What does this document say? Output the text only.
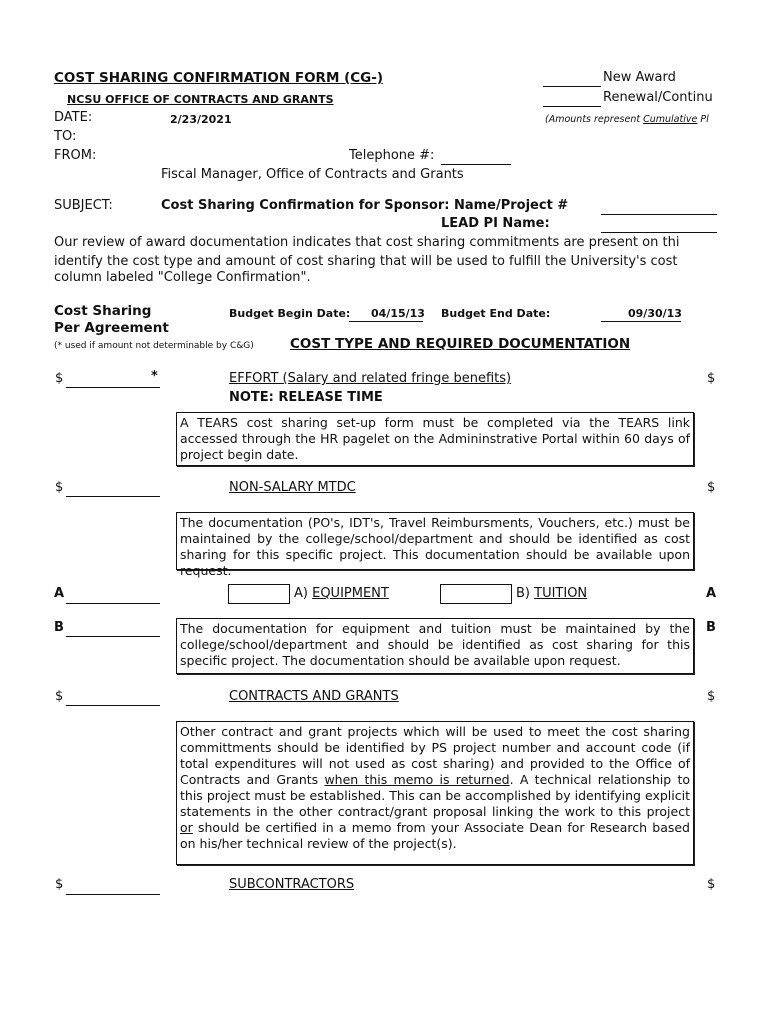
COST SHARING CONFIRMATION FORM (CG-)
NCSU OFFICE OF CONTRACTS AND GRANTS
New Award
Renewal/Continu
(Amounts represent Cumulative Pl
DATE:	2/23/2021
TO:
FROM:	Telephone #:
Fiscal Manager, Office of Contracts and Grants
SUBJECT:	Cost Sharing Confirmation for Sponsor: Name/Project #
LEAD PI Name:
Our review of award documentation indicates that cost sharing commitments are present on thi
identify the cost type and amount of cost sharing that will be used to fulfill the University's cost
column labeled "College Confirmation".
Cost Sharing
Per Agreement
(* used if amount not determinable by C&G)
Budget Begin Date: 04/15/13 Budget End Date:	09/30/13
COST TYPE AND REQUIRED DOCUMENTATION
$	*	EFFORT (Salary and related fringe benefits)	$
NOTE: RELEASE TIME
A TEARS cost sharing set-up form must be completed via the TEARS link accessed through the HR pagelet on the Admininstrative Portal within 60 days of project begin date.
$	NON-SALARY MTDC	$
The documentation (PO's, IDT's, Travel Reimbursments, Vouchers, etc.) must be maintained by the college/school/department and should be identified as cost sharing for this specific project. This documentation should be available upon request.
A	A) EQUIPMENT	B) TUITION	A
B	B
The documentation for equipment and tuition must be maintained by the college/school/department and should be identified as cost sharing for this specific project. The documentation should be available upon request.
$	CONTRACTS AND GRANTS	$
Other contract and grant projects which will be used to meet the cost sharing committments should be identified by PS project number and account code (if total expenditures will not used as cost sharing) and provided to the Office of Contracts and Grants when this memo is returned. A technical relationship to this project must be established. This can be accomplished by identifying explicit statements in the other contract/grant proposal linking the work to this project or should be certified in a memo from your Associate Dean for Research based on his/her technical review of the project(s).
$	SUBCONTRACTORS	$
